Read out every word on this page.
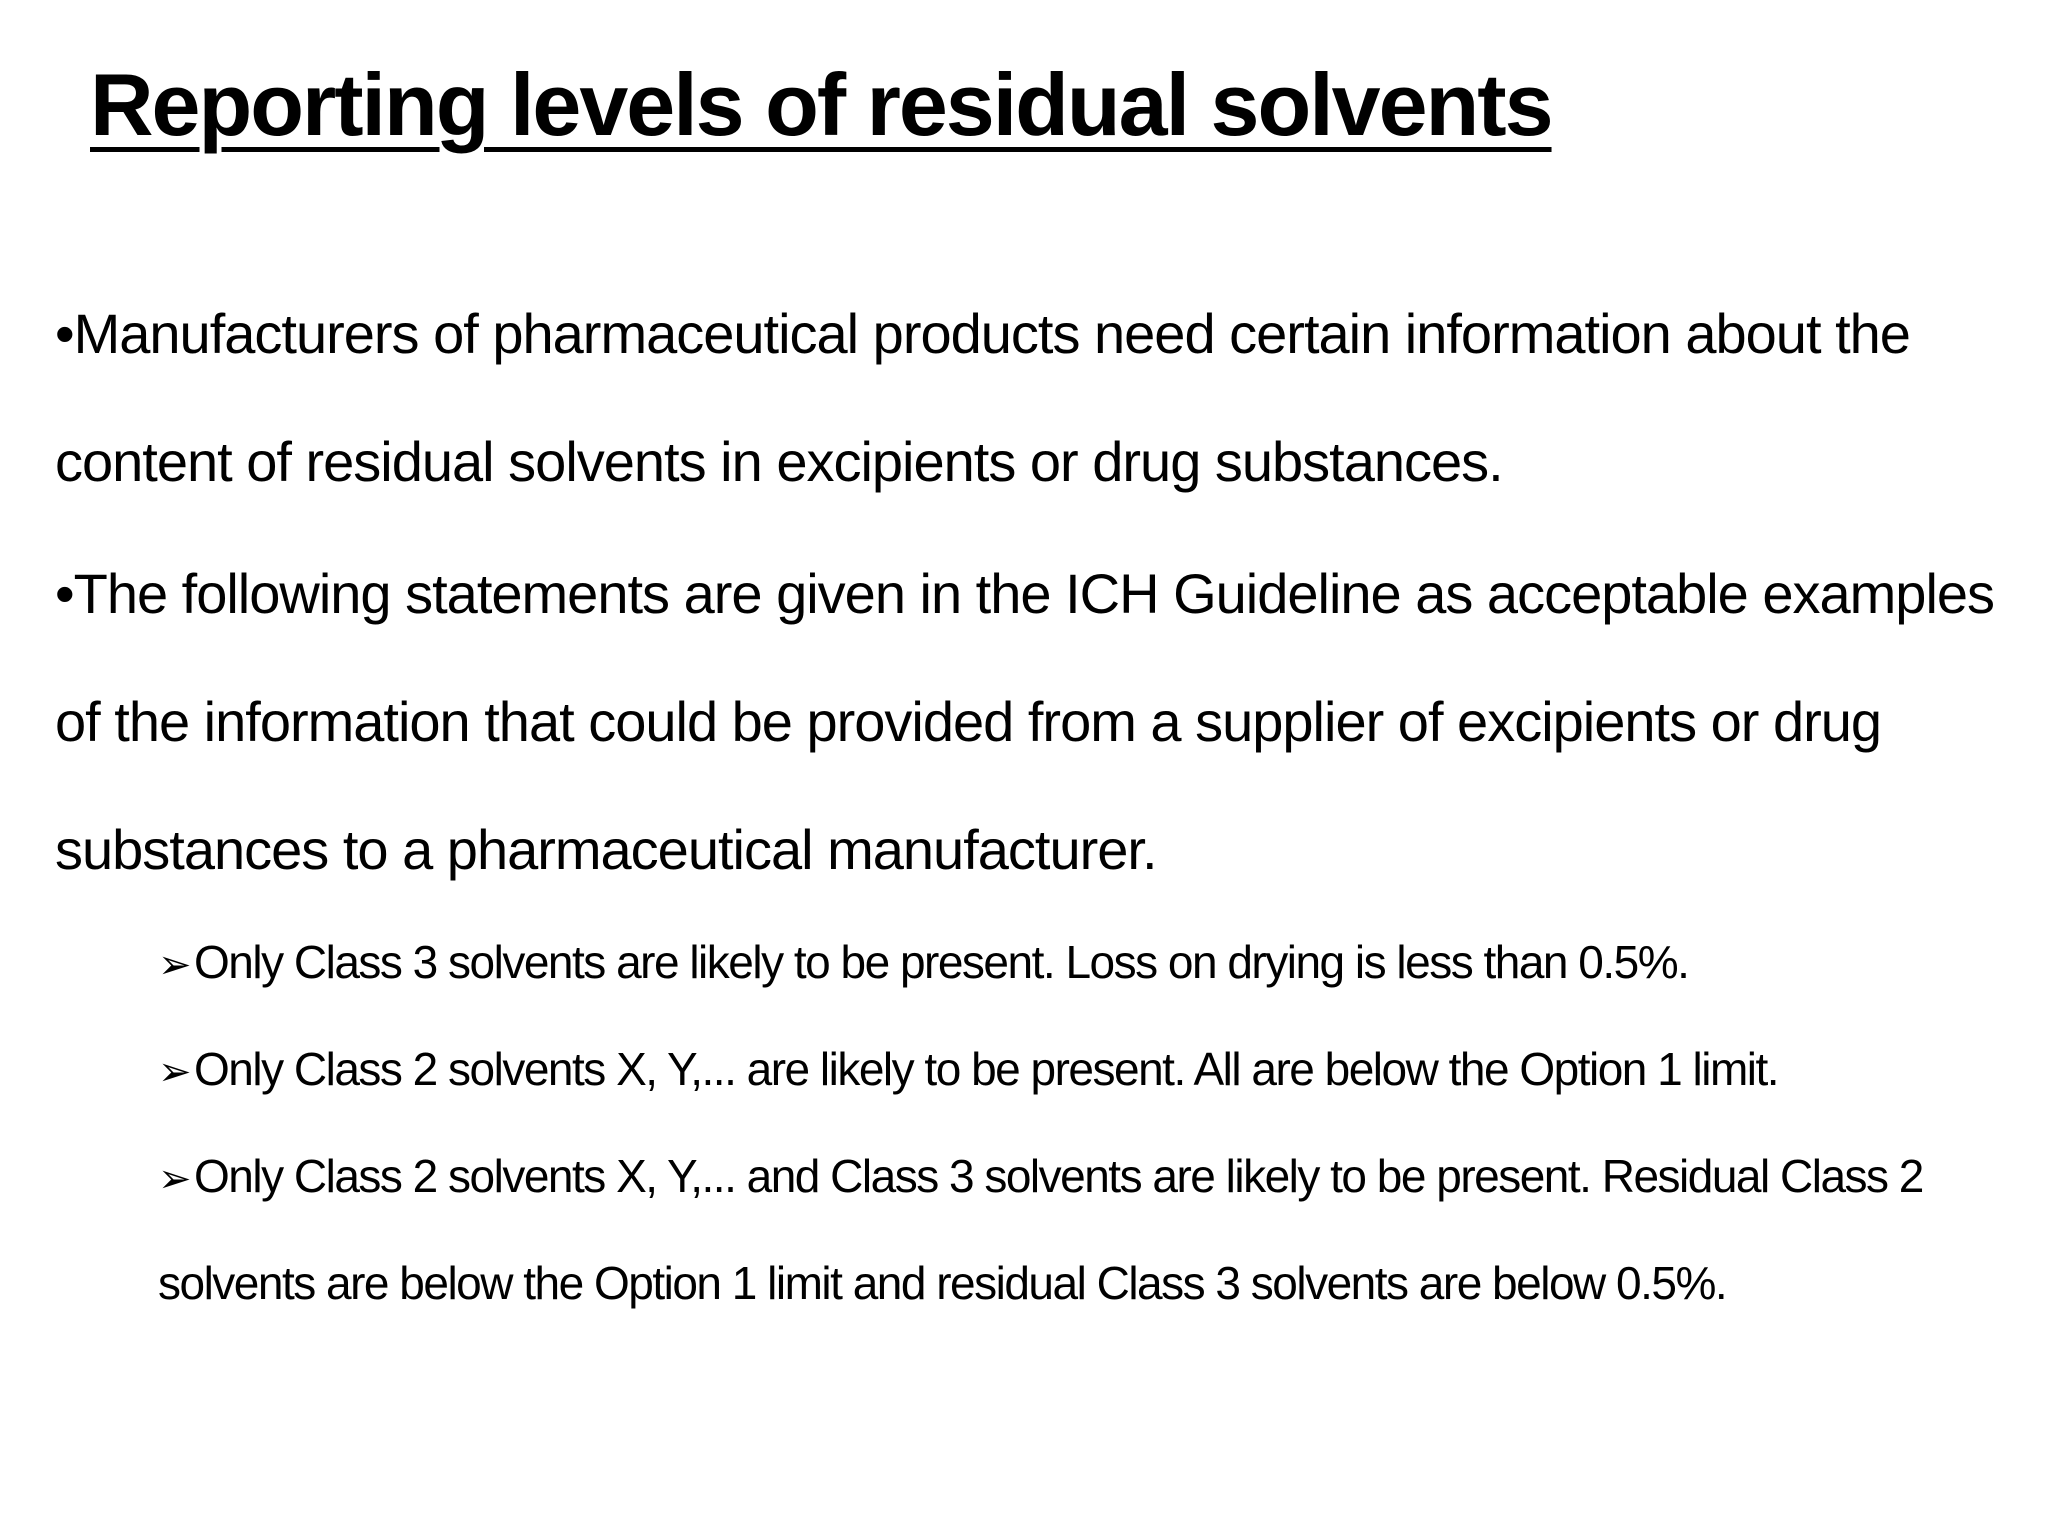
Reporting levels of residual solvents
•Manufacturers of pharmaceutical products need certain information about the content of residual solvents in excipients or drug substances.
•The following statements are given in the ICH Guideline as acceptable examples of the information that could be provided from a supplier of excipients or drug substances to a pharmaceutical manufacturer.
➢Only Class 3 solvents are likely to be present. Loss on drying is less than 0.5%.
➢Only Class 2 solvents X, Y,... are likely to be present. All are below the Option 1 limit.
➢Only Class 2 solvents X, Y,... and Class 3 solvents are likely to be present. Residual Class 2 solvents are below the Option 1 limit and residual Class 3 solvents are below 0.5%.
